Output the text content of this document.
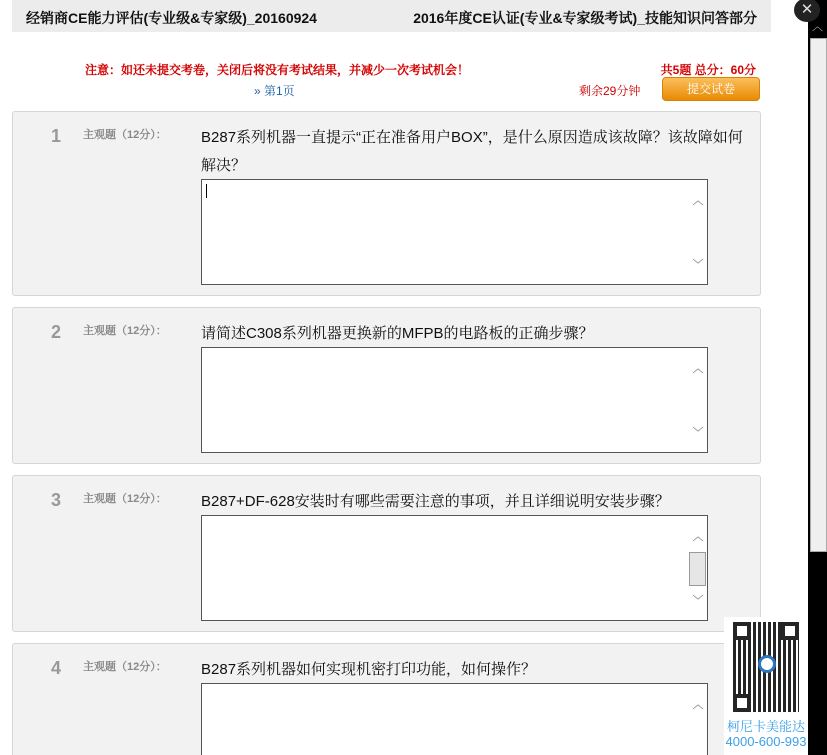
经销商CE能力评估(专业级&专家级)_20160924	2016年度CE认证(专业&专家级考试)_技能知识问答部分
注意：如还未提交考卷，关闭后将没有考试结果，并减少一次考试机会！	共5题 总分：60分
» 第1页	剩余29分钟	提交试卷
1 主观题（12分）： B287系列机器一直提示“正在准备用户BOX”，是什么原因造成该故障？该故障如何解决？
︿
﹀
2 主观题（12分）： 请简述C308系列机器更换新的MFPB的电路板的正确步骤？
︿
﹀
3 主观题（12分）： B287+DF-628安装时有哪些需要注意的事项，并且详细说明安装步骤？
︿
﹀
4 主观题（12分）： B287系列机器如何实现机密打印功能，如何操作？
︿
柯尼卡美能达
4000-600-993
︿
✕
